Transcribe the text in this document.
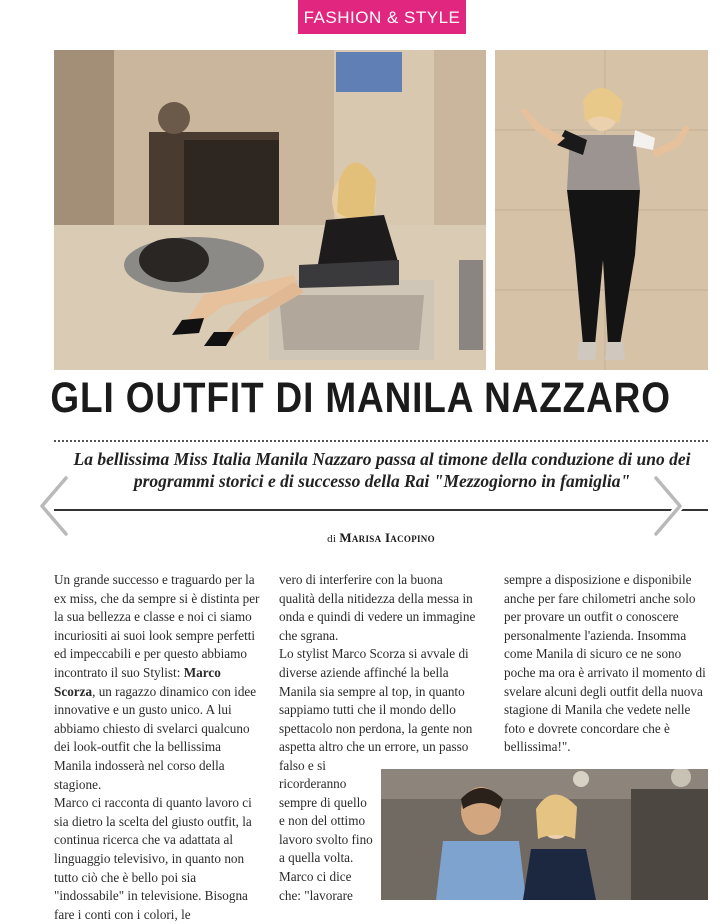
FASHION & STYLE
GLI OUTFIT DI MANILA NAZZARO
La bellissima Miss Italia Manila Nazzaro passa al timone della conduzione di uno dei programmi storici e di successo della Rai "Mezzogiorno in famiglia"
di Marisa Iacopino

Un grande successo e traguardo per la ex miss, che da sempre si è distinta per la sua bellezza e classe e noi ci siamo incuriositi ai suoi look sempre perfetti ed impeccabili e per questo abbiamo incontrato il suo Stylist: Marco Scorza, un ragazzo dinamico con idee innovative e un gusto unico. A lui abbiamo chiesto di svelarci qualcuno dei look-outfit che la bellissima Manila indosserà nel corso della stagione.

Marco ci racconta di quanto lavoro ci sia dietro la scelta del giusto outfit, la continua ricerca che va adattata al linguaggio televisivo, in quanto non tutto ciò che è bello poi sia "indossabile" in televisione. Bisogna fare i conti con i colori, le

vero di interferire con la buona qualità della nitidezza della messa in onda e quindi di vedere un immagine che sgrana.

Lo stylist Marco Scorza si avvale di diverse aziende affinché la bella Manila sia sempre al top, in quanto sappiamo tutti che il mondo dello spettacolo non perdona, la gente non aspetta altro che un errore, un passo falso e si

ricorderanno sempre di quello e non del ottimo lavoro svolto fino a quella volta. Marco ci dice che: "lavorare

sempre a disposizione e disponibile anche per fare chilometri anche solo per provare un outfit o conoscere personalmente l'azienda. Insomma come Manila di sicuro ce ne sono poche ma ora è arrivato il momento di svelare alcuni degli outfit della nuova stagione di Manila che vedete nelle foto e dovrete concordare che è bellissima!".
